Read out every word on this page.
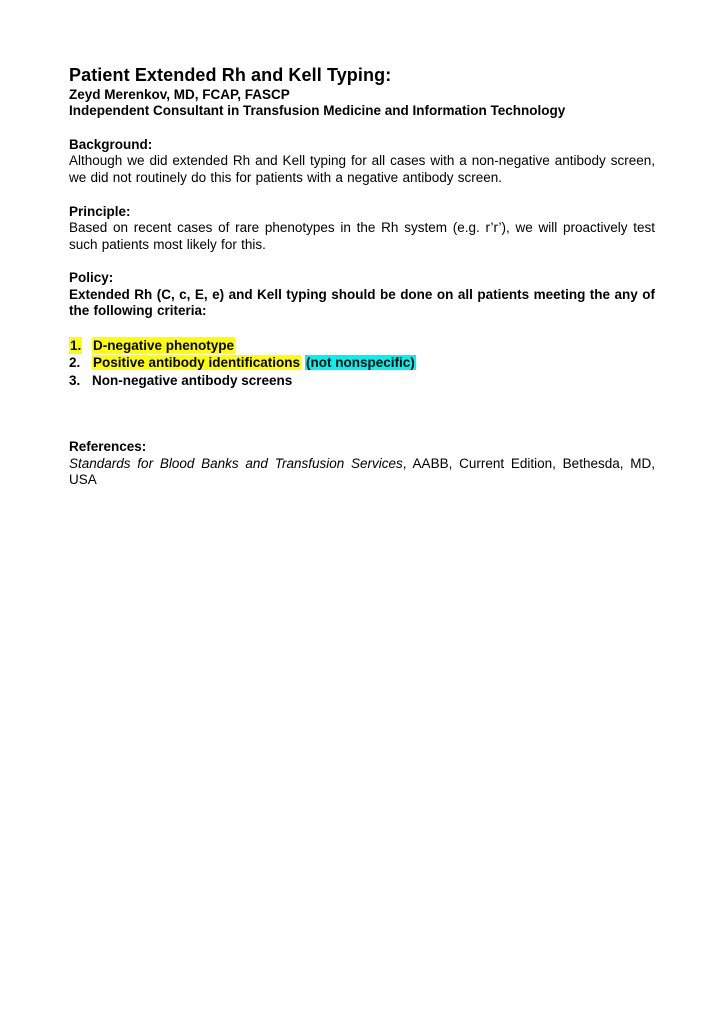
Patient Extended Rh and Kell Typing:
Zeyd Merenkov, MD, FCAP, FASCP
Independent Consultant in Transfusion Medicine and Information Technology
Background:

Although we did extended Rh and Kell typing for all cases with a non-negative antibody screen, we did not routinely do this for patients with a negative antibody screen.

Principle:

Based on recent cases of rare phenotypes in the Rh system (e.g. r’r’), we will proactively test such patients most likely for this.

Policy:

Extended Rh (C, c, E, e) and Kell typing should be done on all patients meeting the any of the following criteria:

1. D-negative phenotype
2. Positive antibody identifications (not nonspecific)
3. Non-negative antibody screens
References:

Standards for Blood Banks and Transfusion Services, AABB, Current Edition, Bethesda, MD, USA
